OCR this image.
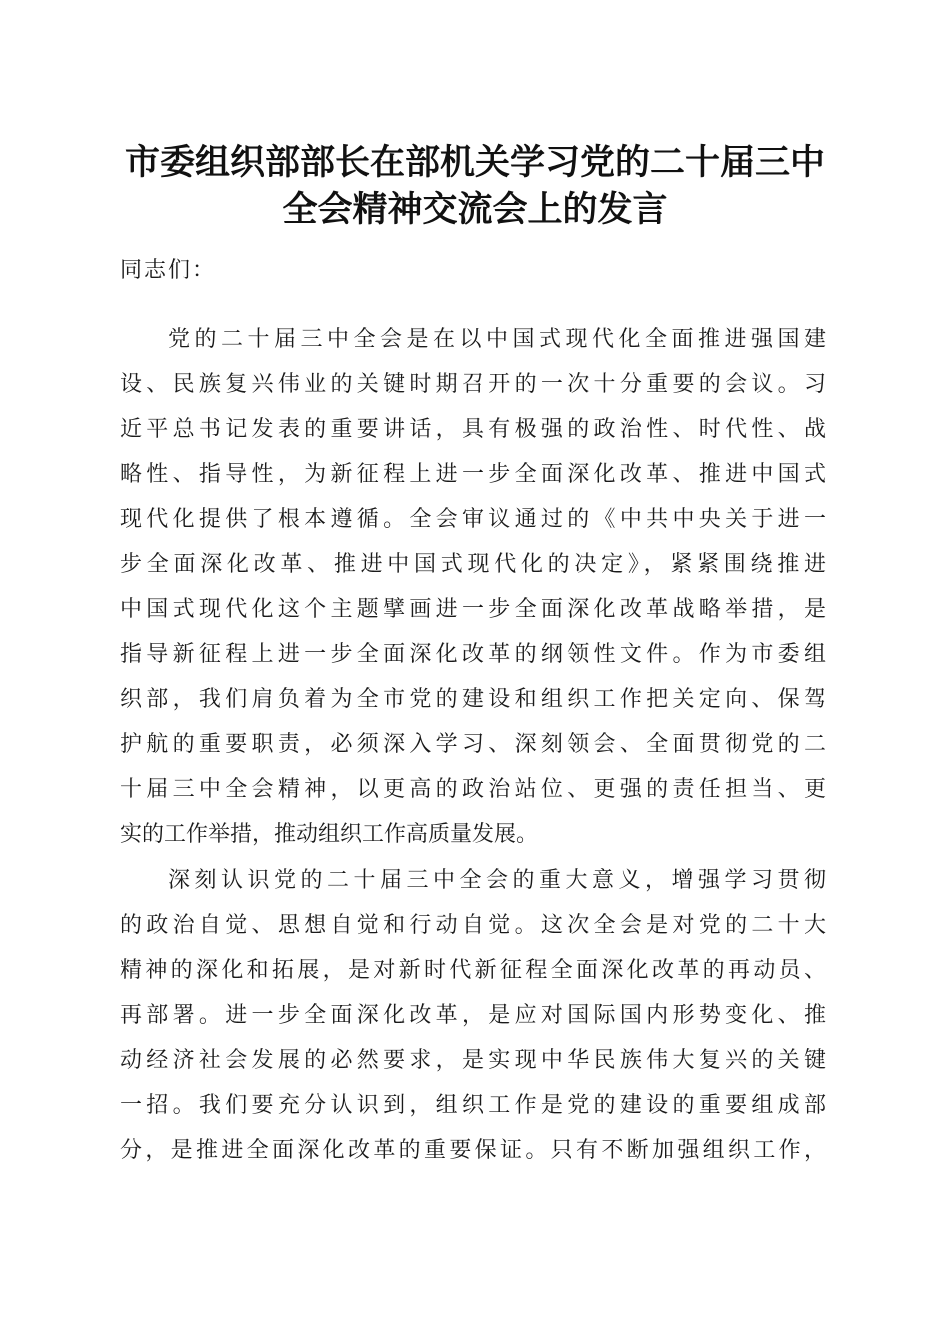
市委组织部部长在部机关学习党的二十届三中
全会精神交流会上的发言
同志们：
党的二十届三中全会是在以中国式现代化全面推进强国建
设、民族复兴伟业的关键时期召开的一次十分重要的会议。习
近平总书记发表的重要讲话，具有极强的政治性、时代性、战
略性、指导性，为新征程上进一步全面深化改革、推进中国式
现代化提供了根本遵循。全会审议通过的《中共中央关于进一
步全面深化改革、推进中国式现代化的决定》，紧紧围绕推进
中国式现代化这个主题擘画进一步全面深化改革战略举措，是
指导新征程上进一步全面深化改革的纲领性文件。作为市委组
织部，我们肩负着为全市党的建设和组织工作把关定向、保驾
护航的重要职责，必须深入学习、深刻领会、全面贯彻党的二
十届三中全会精神，以更高的政治站位、更强的责任担当、更
实的工作举措，推动组织工作高质量发展。
深刻认识党的二十届三中全会的重大意义，增强学习贯彻
的政治自觉、思想自觉和行动自觉。这次全会是对党的二十大
精神的深化和拓展，是对新时代新征程全面深化改革的再动员、
再部署。进一步全面深化改革，是应对国际国内形势变化、推
动经济社会发展的必然要求，是实现中华民族伟大复兴的关键
一招。我们要充分认识到，组织工作是党的建设的重要组成部
分，是推进全面深化改革的重要保证。只有不断加强组织工作，
